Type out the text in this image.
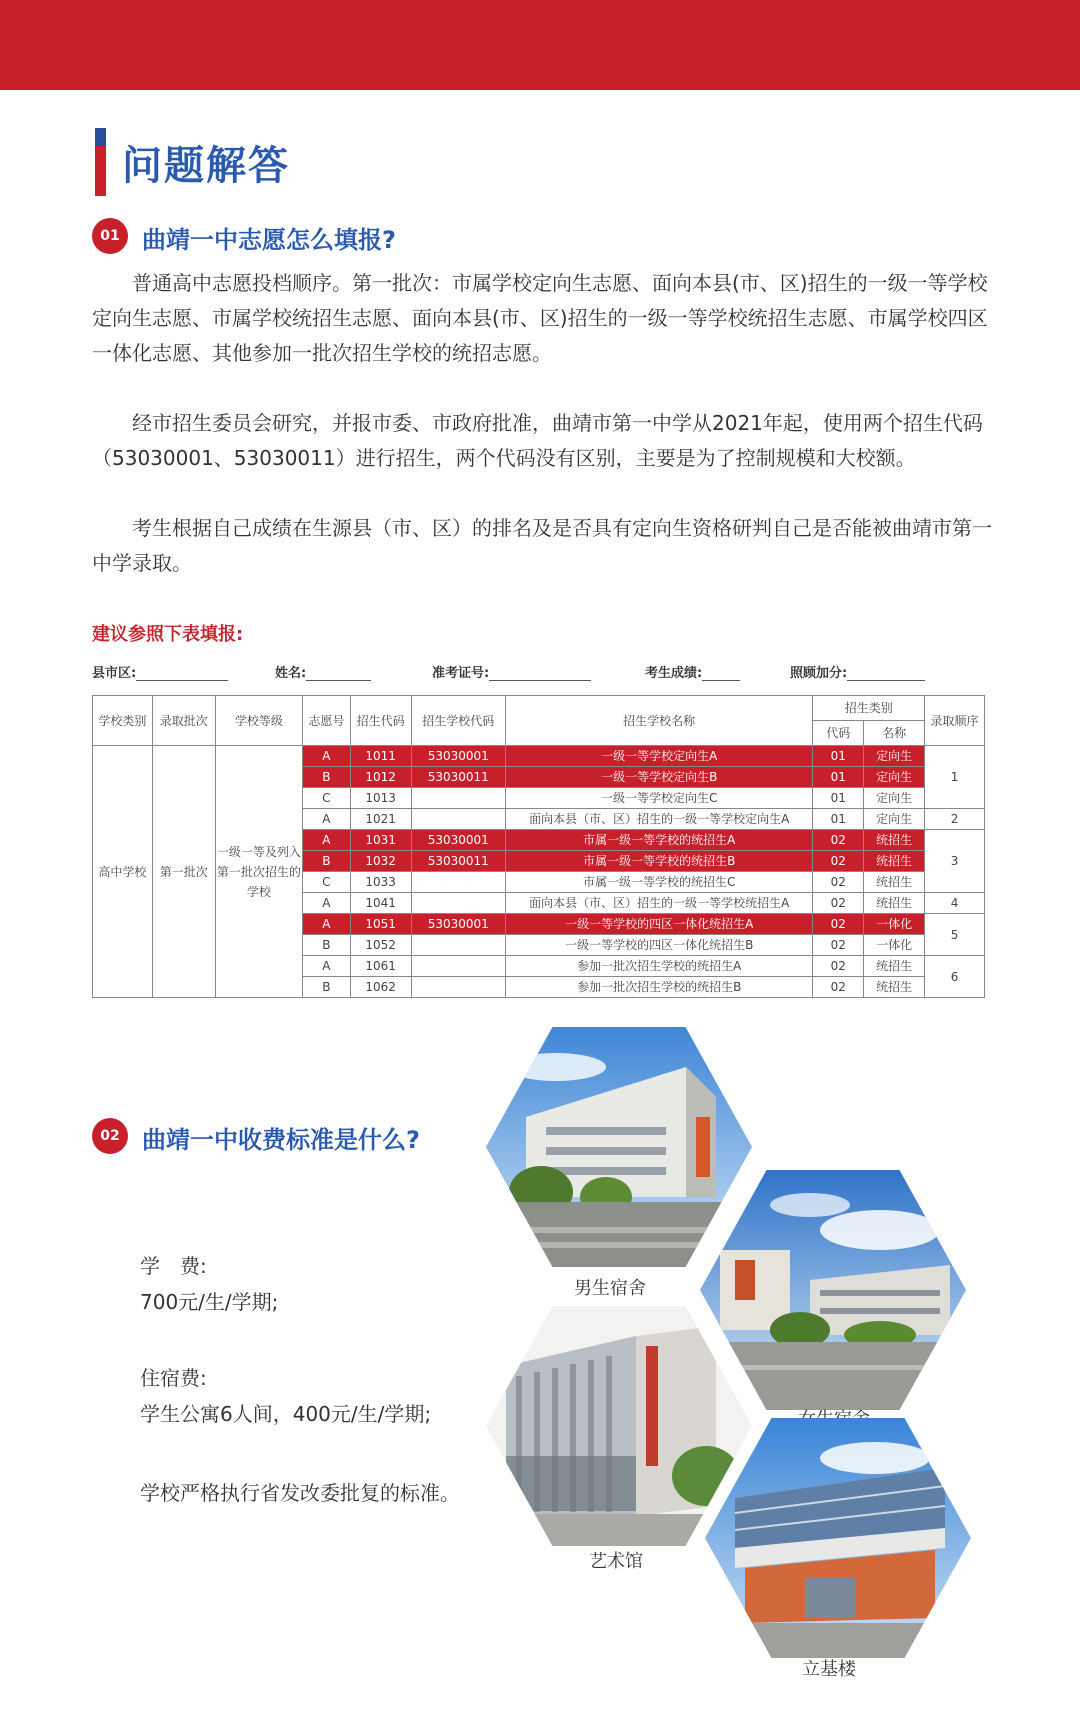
问题解答
01 曲靖一中志愿怎么填报?

普通高中志愿投档顺序。第一批次：市属学校定向生志愿、面向本县(市、区)招生的一级一等学校定向生志愿、市属学校统招生志愿、面向本县(市、区)招生的一级一等学校统招生志愿、市属学校四区一体化志愿、其他参加一批次招生学校的统招志愿。

经市招生委员会研究，并报市委、市政府批准，曲靖市第一中学从2021年起，使用两个招生代码（53030001、53030011）进行招生，两个代码没有区别，主要是为了控制规模和大校额。

考生根据自己成绩在生源县（市、区）的排名及是否具有定向生资格研判自己是否能被曲靖市第一中学录取。

建议参照下表填报:
县市区:	姓名:	准考证号:	考生成绩:	照顾加分:
学校类别	录取批次	学校等级	志愿号	招生代码	招生学校代码	招生学校名称	招生类别		录取顺序
							代码	名称	
高中学校	第一批次	一级一等及列入第一批次招生的学校	A	1011	53030001	一级一等学校定向生A	01	定向生	1
			B	1012	53030011	一级一等学校定向生B	01	定向生	
			C	1013		一级一等学校定向生C	01	定向生	
			A	1021		面向本县（市、区）招生的一级一等学校定向生A	01	定向生	2
			A	1031	53030001	市属一级一等学校的统招生A	02	统招生	3
			B	1032	53030011	市属一级一等学校的统招生B	02	统招生	
			C	1033		市属一级一等学校的统招生C	02	统招生	
			A	1041		面向本县（市、区）招生的一级一等学校统招生A	02	统招生	4
			A	1051	53030001	一级一等学校的四区一体化统招生A	02	一体化	5
			B	1052		一级一等学校的四区一体化统招生B	02	一体化	
			A	1061		参加一批次招生学校的统招生A	02	统招生	6
			B	1062		参加一批次招生学校的统招生B	02	统招生	
02 曲靖一中收费标准是什么?
学　费:
700元/生/学期;
住宿费:
学生公寓6人间，400元/生/学期;
学校严格执行省发改委批复的标准。
男生宿舍
艺术馆
立基楼
